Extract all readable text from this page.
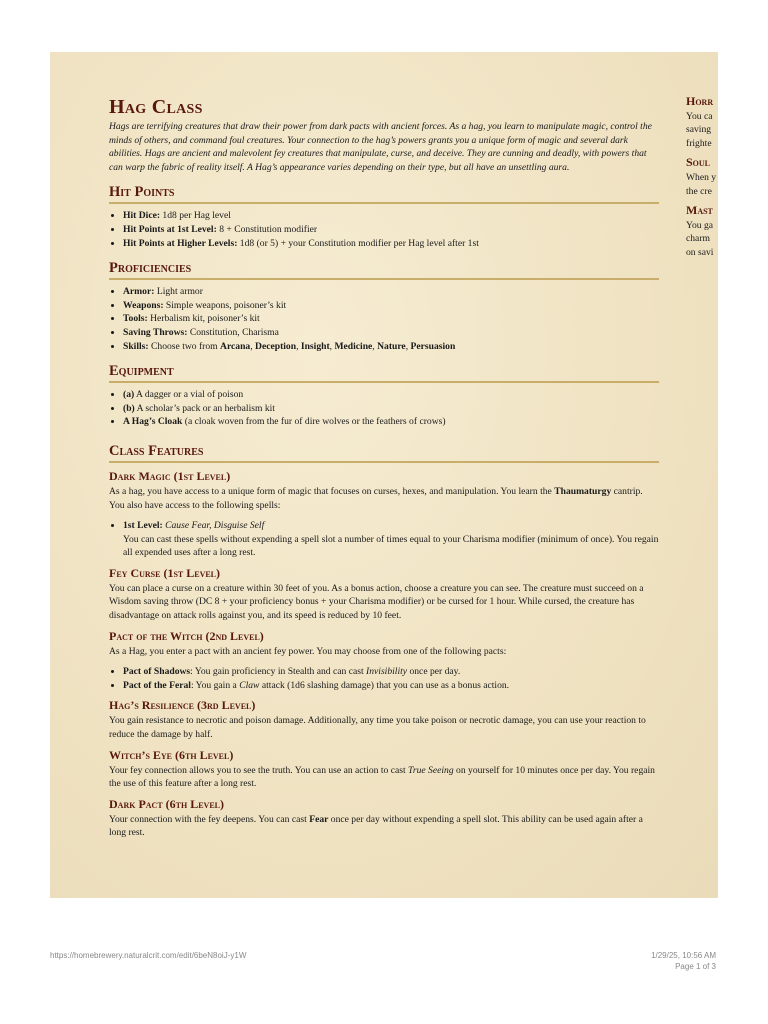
Hag Class

Hags are terrifying creatures that draw their power from dark pacts with ancient forces. As a hag, you learn to manipulate magic, control the minds of others, and command foul creatures. Your connection to the hag’s powers grants you a unique form of magic and several dark abilities. Hags are ancient and malevolent fey creatures that manipulate, curse, and deceive. They are cunning and deadly, with powers that can warp the fabric of reality itself. A Hag’s appearance varies depending on their type, but all have an unsettling aura.

Hit Points
• Hit Dice: 1d8 per Hag level
• Hit Points at 1st Level: 8 + Constitution modifier
• Hit Points at Higher Levels: 1d8 (or 5) + your Constitution modifier per Hag level after 1st
Proficiencies
• Armor: Light armor
• Weapons: Simple weapons, poisoner’s kit
• Tools: Herbalism kit, poisoner’s kit
• Saving Throws: Constitution, Charisma
• Skills: Choose two from Arcana, Deception, Insight, Medicine, Nature, Persuasion
Equipment
• (a) A dagger or a vial of poison
• (b) A scholar’s pack or an herbalism kit
• A Hag’s Cloak (a cloak woven from the fur of dire wolves or the feathers of crows)
Class Features
Dark Magic (1st Level)

As a hag, you have access to a unique form of magic that focuses on curses, hexes, and manipulation. You learn the Thaumaturgy cantrip. You also have access to the following spells:

• 1st Level: Cause Fear, Disguise Self
You can cast these spells without expending a spell slot a number of times equal to your Charisma modifier (minimum of once). You regain all expended uses after a long rest.
Fey Curse (1st Level)

You can place a curse on a creature within 30 feet of you. As a bonus action, choose a creature you can see. The creature must succeed on a Wisdom saving throw (DC 8 + your proficiency bonus + your Charisma modifier) or be cursed for 1 hour. While cursed, the creature has disadvantage on attack rolls against you, and its speed is reduced by 10 feet.

Pact of the Witch (2nd Level)

As a Hag, you enter a pact with an ancient fey power. You may choose from one of the following pacts:

• Pact of Shadows: You gain proficiency in Stealth and can cast Invisibility once per day.
• Pact of the Feral: You gain a Claw attack (1d6 slashing damage) that you can use as a bonus action.
Hag’s Resilience (3rd Level)

You gain resistance to necrotic and poison damage. Additionally, any time you take poison or necrotic damage, you can use your reaction to reduce the damage by half.

Witch’s Eye (6th Level)

Your fey connection allows you to see the truth. You can use an action to cast True Seeing on yourself for 10 minutes once per day. You regain the use of this feature after a long rest.

Dark Pact (6th Level)

Your connection with the fey deepens. You can cast Fear once per day without expending a spell slot. This ability can be used again after a long rest.

Horr

You ca
saving
frighte

Soul

When y
the cre

Mast

You ga
charm
on savi

https://homebrewery.naturalcrit.com/edit/6beN8oiJ-y1W	1/29/25, 10:56 AM
Page 1 of 3
